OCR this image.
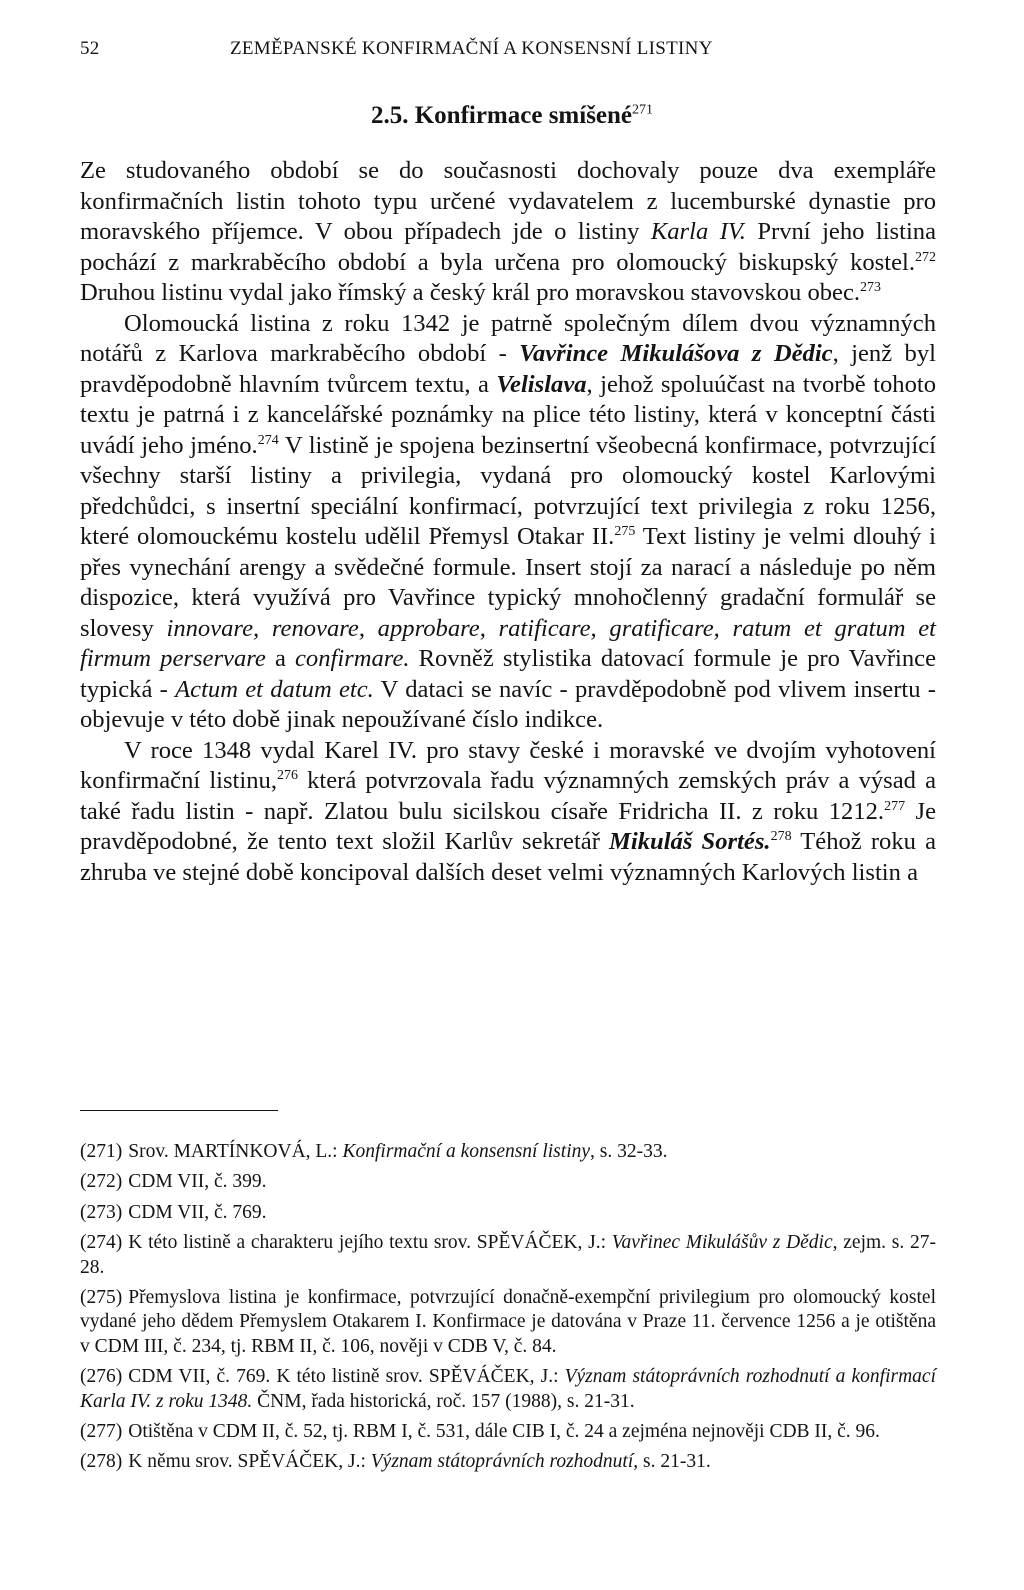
52	ZEMĚPANSKÉ KONFIRMAČNÍ A KONSENSNÍ LISTINY
2.5. Konfirmace smíšené$^{271}$

Ze studovaného období se do současnosti dochovaly pouze dva exempláře konfirmačních listin tohoto typu určené vydavatelem z lucemburské dynastie pro moravského příjemce. V obou případech jde o listiny Karla IV. První jeho listina pochází z markraběcího období a byla určena pro olomoucký biskupský kostel.$^{272}$ Druhou listinu vydal jako římský a český král pro moravskou stavovskou obec.$^{273}$

Olomoucká listina z roku 1342 je patrně společným dílem dvou významných notářů z Karlova markraběcího období - Vavřince Mikulášova z Dědic, jenž byl pravděpodobně hlavním tvůrcem textu, a Velislava, jehož spoluúčast na tvorbě tohoto textu je patrná i z kancelářské poznámky na plice této listiny, která v konceptní části uvádí jeho jméno.$^{274}$ V listině je spojena bezinsertní všeobecná konfirmace, potvrzující všechny starší listiny a privilegia, vydaná pro olomoucký kostel Karlovými předchůdci, s insertní speciální konfirmací, potvrzující text privilegia z roku 1256, které olomouckému kostelu udělil Přemysl Otakar II.$^{275}$ Text listiny je velmi dlouhý i přes vynechání arengy a svědečné formule. Insert stojí za narací a následuje po něm dispozice, která využívá pro Vavřince typický mnohočlenný gradační formulář se slovesy innovare, renovare, approbare, ratificare, gratificare, ratum et gratum et firmum perservare a confirmare. Rovněž stylistika datovací formule je pro Vavřince typická - Actum et datum etc. V dataci se navíc - pravděpodobně pod vlivem insertu - objevuje v této době jinak nepoužívané číslo indikce.

V roce 1348 vydal Karel IV. pro stavy české i moravské ve dvojím vyhotovení konfirmační listinu,$^{276}$ která potvrzovala řadu významných zemských práv a výsad a také řadu listin - např. Zlatou bulu sicilskou císaře Fridricha II. z roku 1212.$^{277}$ Je pravděpodobné, že tento text složil Karlův sekretář Mikuláš Sortés.$^{278}$ Téhož roku a zhruba ve stejné době koncipoval dalších deset velmi významných Karlových listin a

(271) Srov. MARTÍNKOVÁ, L.: Konfirmační a konsensní listiny, s. 32-33.

(272) CDM VII, č. 399.

(273) CDM VII, č. 769.

(274) K této listině a charakteru jejího textu srov. SPĚVÁČEK, J.: Vavřinec Mikulášův z Dědic, zejm. s. 27-28.

(275) Přemyslova listina je konfirmace, potvrzující donačně-exempční privilegium pro olomoucký kostel vydané jeho dědem Přemyslem Otakarem I. Konfirmace je datována v Praze 11. července 1256 a je otištěna v CDM III, č. 234, tj. RBM II, č. 106, nověji v CDB V, č. 84.

(276) CDM VII, č. 769. K této listině srov. SPĚVÁČEK, J.: Význam státoprávních rozhodnutí a konfirmací Karla IV. z roku 1348. ČNM, řada historická, roč. 157 (1988), s. 21-31.

(277) Otištěna v CDM II, č. 52, tj. RBM I, č. 531, dále CIB I, č. 24 a zejména nejnověji CDB II, č. 96.

(278) K němu srov. SPĚVÁČEK, J.: Význam státoprávních rozhodnutí, s. 21-31.
